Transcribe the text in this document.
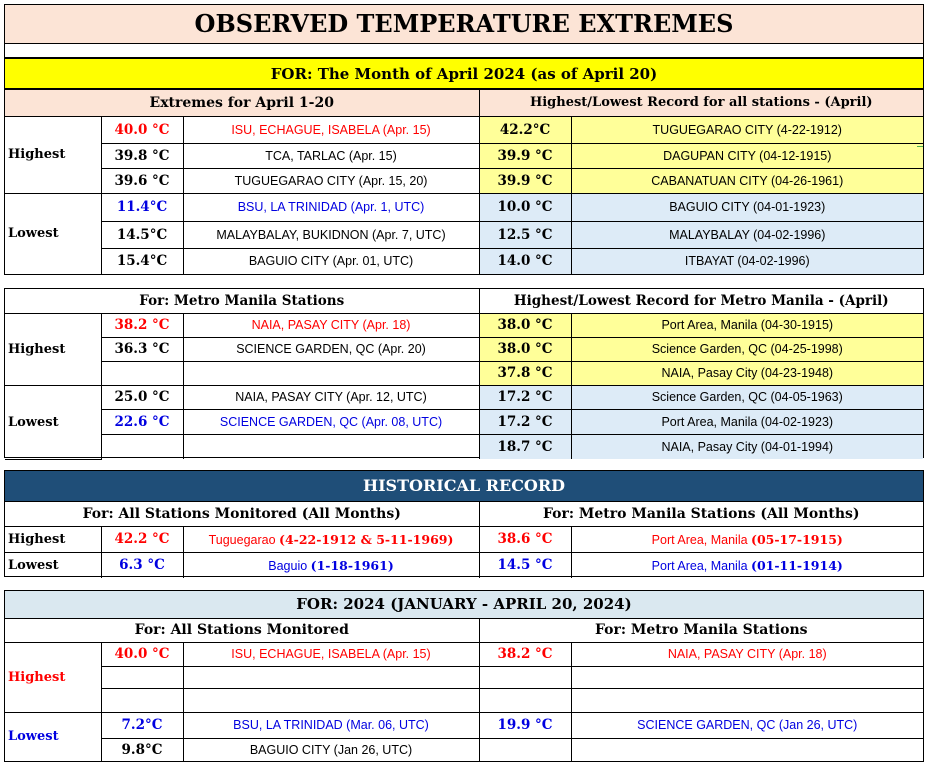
OBSERVED TEMPERATURE EXTREMES

FOR: The Month of April 2024 (as of April 20)
Extremes for April 1-20			Highest/Lowest Record for all stations - (April)	
Highest	40.0 °C	ISU, ECHAGUE, ISABELA (Apr. 15)	42.2°C	TUGUEGARAO CITY (4-22-1912)
	39.8 °C	TCA, TARLAC (Apr. 15)	39.9 °C	DAGUPAN CITY (04-12-1915)
	39.6 °C	TUGUEGARAO CITY (Apr. 15, 20)	39.9 °C	CABANATUAN CITY (04-26-1961)
Lowest	11.4°C	BSU, LA TRINIDAD (Apr. 1, UTC)	10.0 °C	BAGUIO CITY (04-01-1923)
	14.5°C	MALAYBALAY, BUKIDNON (Apr. 7, UTC)	12.5 °C	MALAYBALAY (04-02-1996)
	15.4°C	BAGUIO CITY (Apr. 01, UTC)	14.0 °C	ITBAYAT (04-02-1996)
For: Metro Manila Stations			Highest/Lowest Record for Metro Manila - (April)	
Highest	38.2 °C	NAIA, PASAY CITY (Apr. 18)	38.0 °C	Port Area, Manila (04-30-1915)
	36.3 °C	SCIENCE GARDEN, QC (Apr. 20)	38.0 °C	Science Garden, QC (04-25-1998)
			37.8 °C	NAIA, Pasay City (04-23-1948)
Lowest	25.0 °C	NAIA, PASAY CITY (Apr. 12, UTC)	17.2 °C	Science Garden, QC (04-05-1963)
	22.6 °C	SCIENCE GARDEN, QC (Apr. 08, UTC)	17.2 °C	Port Area, Manila (04-02-1923)
			18.7 °C	NAIA, Pasay City (04-01-1994)
HISTORICAL RECORD				
For: All Stations Monitored (All Months)			For: Metro Manila Stations (All Months)	
Highest	42.2 °C	Tuguegarao (4-22-1912 & 5-11-1969)	38.6 °C	Port Area, Manila (05-17-1915)
Lowest	6.3 °C	Baguio (1-18-1961)	14.5 °C	Port Area, Manila (01-11-1914)
FOR: 2024 (JANUARY - APRIL 20, 2024)				
For: All Stations Monitored			For: Metro Manila Stations	
Highest	40.0 °C	ISU, ECHAGUE, ISABELA (Apr. 15)	38.2 °C	NAIA, PASAY CITY (Apr. 18)

Lowest	7.2°C	BSU, LA TRINIDAD (Mar. 06, UTC)	19.9 °C	SCIENCE GARDEN, QC (Jan 26, UTC)
	9.8°C	BAGUIO CITY (Jan 26, UTC)		
